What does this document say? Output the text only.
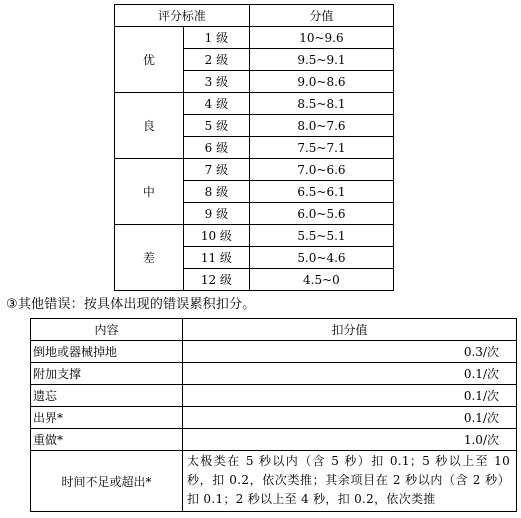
评分标准		分值
优	1 级	10~9.6
	2 级	9.5~9.1
	3 级	9.0~8.6
良	4 级	8.5~8.1
	5 级	8.0~7.6
	6 级	7.5~7.1
中	7 级	7.0~6.6
	8 级	6.5~6.1
	9 级	6.0~5.6
差	10 级	5.5~5.1
	11 级	5.0~4.6
	12 级	4.5~0
③其他错误：按具体出现的错误累积扣分。
内容	扣分值
倒地或器械掉地	0.3/次
附加支撑	0.1/次
遗忘	0.1/次
出界*	0.1/次
重做*	1.0/次
时间不足或超出*	太极类在 5 秒以内（含 5 秒）扣 0.1；5 秒以上至 10 秒，扣 0.2，依次类推；其余项目在 2 秒以内（含 2 秒）扣 0.1；2 秒以上至 4 秒，扣 0.2，依次类推
